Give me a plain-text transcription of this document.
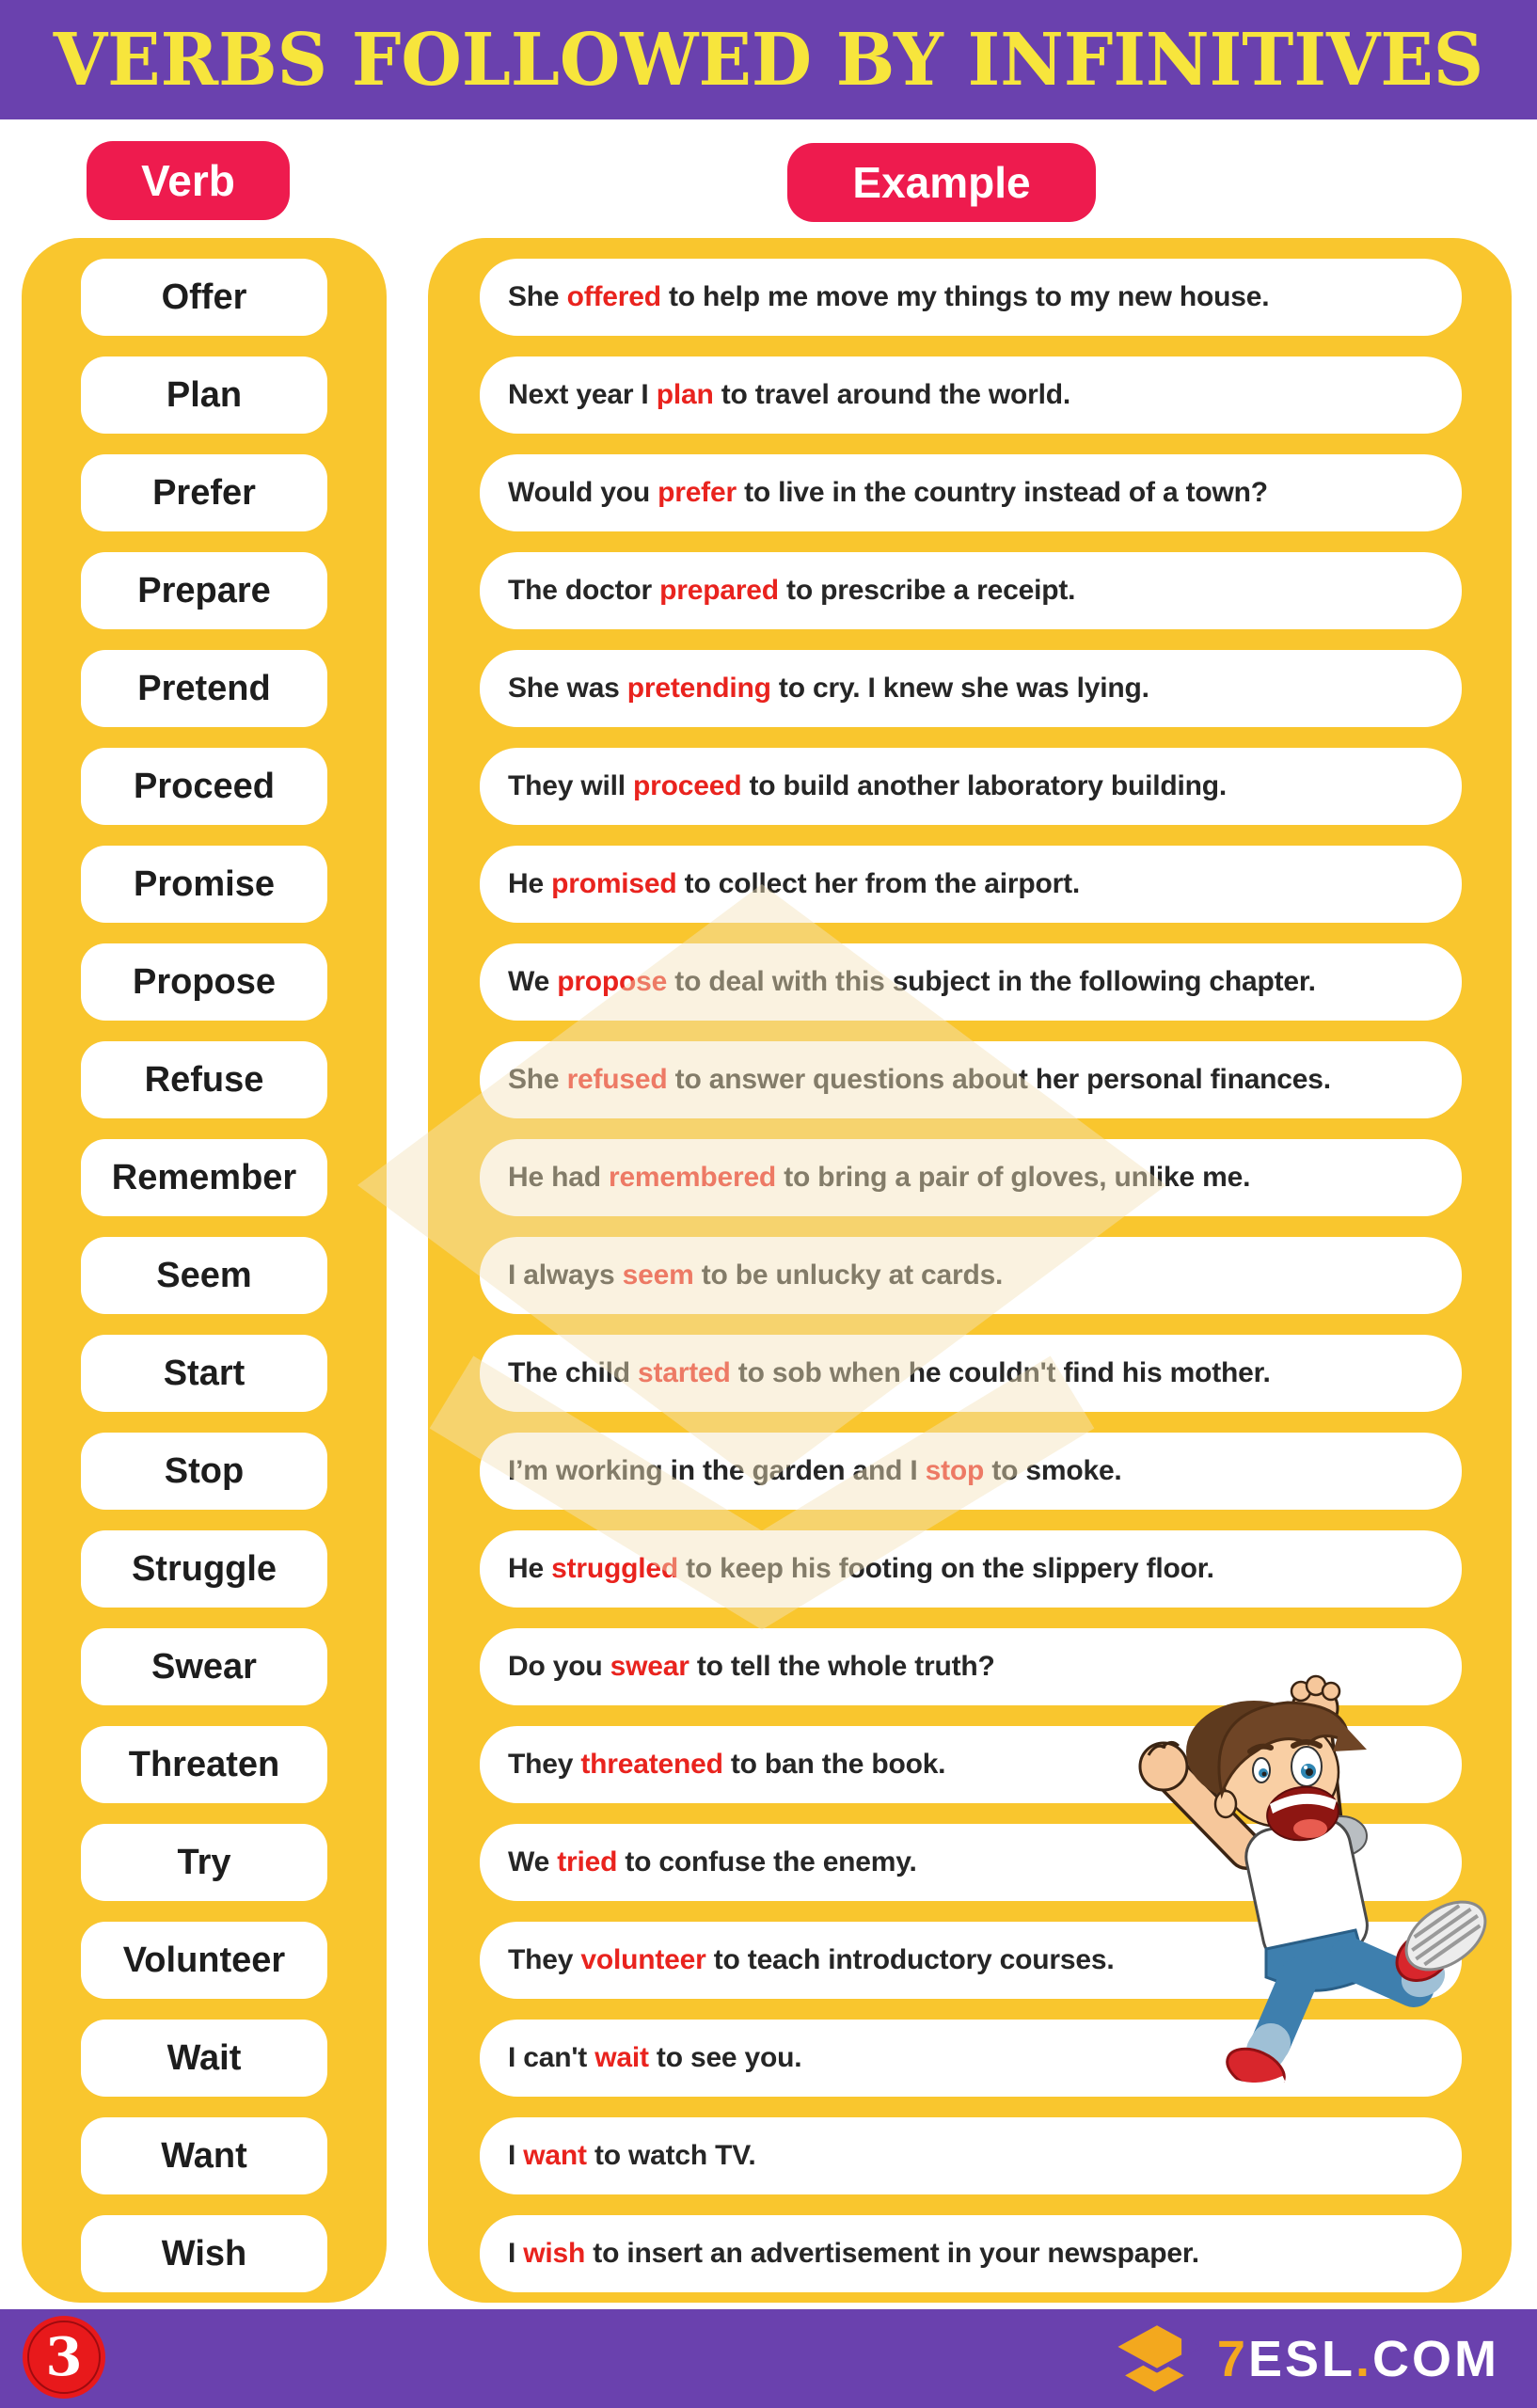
VERBS FOLLOWED BY INFINITIVES
Verb	Example
Offer
Plan
Prefer
Prepare
Pretend
Proceed
Promise
Propose
Refuse
Remember
Seem
Start
Stop
Struggle
Swear
Threaten
Try
Volunteer
Wait
Want
Wish
She offered to help me move my things to my new house.
Next year I plan to travel around the world.
Would you prefer to live in the country instead of a town?
The doctor prepared to prescribe a receipt.
She was pretending to cry. I knew she was lying.
They will proceed to build another laboratory building.
He promised to collect her from the airport.
We propose to deal with this subject in the following chapter.
She refused to answer questions about her personal finances.
He had remembered to bring a pair of gloves, unlike me.
I always seem to be unlucky at cards.
The child started to sob when he couldn't find his mother.
I’m working in the garden and I stop to smoke.
He struggled to keep his footing on the slippery floor.
Do you swear to tell the whole truth?
They threatened to ban the book.
We tried to confuse the enemy.
They volunteer to teach introductory courses.
I can't wait to see you.
I want to watch TV.
I wish to insert an advertisement in your newspaper.
3	7ESL.COM
